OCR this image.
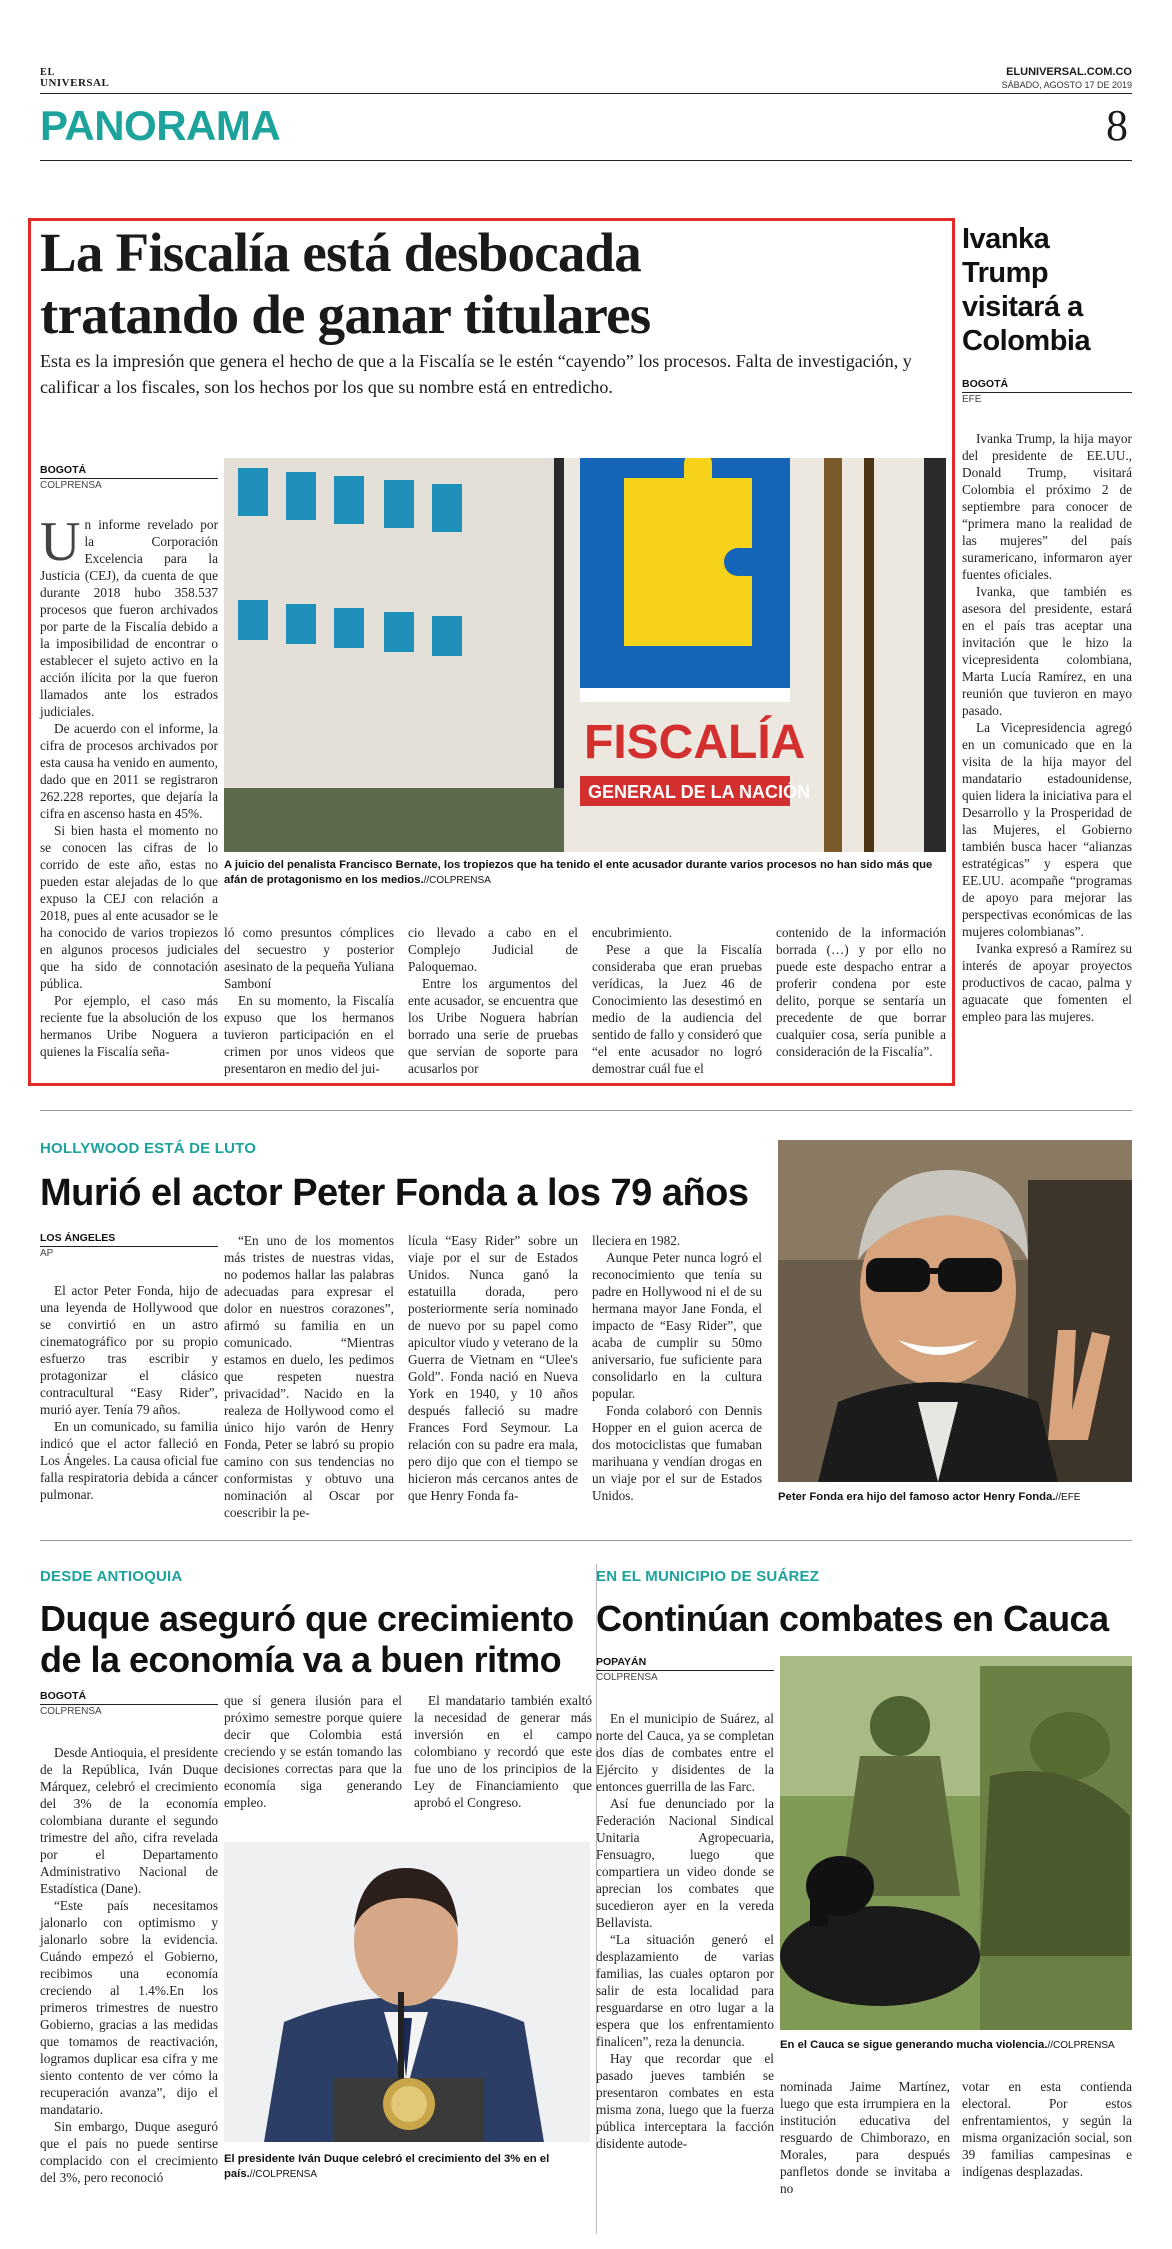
EL
UNIVERSAL
ELUNIVERSAL.COM.CO
SÁBADO, AGOSTO 17 DE 2019
PANORAMA	8
La Fiscalía está desbocada tratando de ganar titulares
Esta es la impresión que genera el hecho de que a la Fiscalía se le estén “cayendo” los procesos. Falta de investigación, y calificar a los fiscales, son los hechos por los que su nombre está en entredicho.
BOGOTÁ
COLPRENSA
U n informe revelado por la Corporación Excelencia para la Justicia (CEJ), da cuenta de que durante 2018 hubo 358.537 procesos que fueron archivados por parte de la Fiscalía debido a la imposibilidad de encontrar o establecer el sujeto activo en la acción ilícita por la que fueron llamados ante los estrados judiciales.

De acuerdo con el informe, la cifra de procesos archivados por esta causa ha venido en aumento, dado que en 2011 se registraron 262.228 reportes, que dejaría la cifra en ascenso hasta en 45%.

Si bien hasta el momento no se conocen las cifras de lo corrido de este año, estas no pueden estar alejadas de lo que expuso la CEJ con relación a 2018, pues al ente acusador se le ha conocido de varios tropiezos en algunos procesos judiciales que ha sido de connotación pública.

Por ejemplo, el caso más reciente fue la absolución de los hermanos Uribe Noguera a quienes la Fiscalía seña-

FISCALÍA
GENERAL DE LA NACIÓN
A juicio del penalista Francisco Bernate, los tropiezos que ha tenido el ente acusador durante varios procesos no han sido más que afán de protagonismo en los medios.//COLPRENSA

ló como presuntos cómplices del secuestro y posterior asesinato de la pequeña Yuliana Samboní

En su momento, la Fiscalía expuso que los hermanos tuvieron participación en el crimen por unos videos que presentaron en medio del jui-

cio llevado a cabo en el Complejo Judicial de Paloquemao.

Entre los argumentos del ente acusador, se encuentra que los Uribe Noguera habrían borrado una serie de pruebas que servían de soporte para acusarlos por

encubrimiento.

Pese a que la Fiscalía consideraba que eran pruebas verídicas, la Juez 46 de Conocimiento las desestimó en medio de la audiencia del sentido de fallo y consideró que “el ente acusador no logró demostrar cuál fue el

contenido de la información borrada (…) y por ello no puede este despacho entrar a proferir condena por este delito, porque se sentaría un precedente de que borrar cualquier cosa, sería punible a consideración de la Fiscalía”.

Ivanka Trump visitará a Colombia
BOGOTÁ
EFE

Ivanka Trump, la hija mayor del presidente de EE.UU., Donald Trump, visitará Colombia el próximo 2 de septiembre para conocer de “primera mano la realidad de las mujeres” del país suramericano, informaron ayer fuentes oficiales.

Ivanka, que también es asesora del presidente, estará en el país tras aceptar una invitación que le hizo la vicepresidenta colombiana, Marta Lucía Ramírez, en una reunión que tuvieron en mayo pasado.

La Vicepresidencia agregó en un comunicado que en la visita de la hija mayor del mandatario estadounidense, quien lidera la iniciativa para el Desarrollo y la Prosperidad de las Mujeres, el Gobierno también busca hacer “alianzas estratégicas” y espera que EE.UU. acompañe “programas de apoyo para mejorar las perspectivas económicas de las mujeres colombianas”.

Ivanka expresó a Ramírez su interés de apoyar proyectos productivos de cacao, palma y aguacate que fomenten el empleo para las mujeres.

HOLLYWOOD ESTÁ DE LUTO
Murió el actor Peter Fonda a los 79 años
LOS ÁNGELES
AP

El actor Peter Fonda, hijo de una leyenda de Hollywood que se convirtió en un astro cinematográfico por su propio esfuerzo tras escribir y protagonizar el clásico contracultural “Easy Rider”, murió ayer. Tenía 79 años.

En un comunicado, su familia indicó que el actor falleció en Los Ángeles. La causa oficial fue falla respiratoria debida a cáncer pulmonar.

“En uno de los momentos más tristes de nuestras vidas, no podemos hallar las palabras adecuadas para expresar el dolor en nuestros corazones”, afirmó su familia en un comunicado. “Mientras estamos en duelo, les pedimos que respeten nuestra privacidad”. Nacido en la realeza de Hollywood como el único hijo varón de Henry Fonda, Peter se labró su propio camino con sus tendencias no conformistas y obtuvo una nominación al Oscar por coescribir la pe-

lícula “Easy Rider” sobre un viaje por el sur de Estados Unidos. Nunca ganó la estatuilla dorada, pero posteriormente sería nominado de nuevo por su papel como apicultor viudo y veterano de la Guerra de Vietnam en “Ulee's Gold”. Fonda nació en Nueva York en 1940, y 10 años después falleció su madre Frances Ford Seymour. La relación con su padre era mala, pero dijo que con el tiempo se hicieron más cercanos antes de que Henry Fonda fa-

lleciera en 1982.

Aunque Peter nunca logró el reconocimiento que tenía su padre en Hollywood ni el de su hermana mayor Jane Fonda, el impacto de “Easy Rider”, que acaba de cumplir su 50mo aniversario, fue suficiente para consolidarlo en la cultura popular.

Fonda colaboró con Dennis Hopper en el guion acerca de dos motociclistas que fumaban marihuana y vendían drogas en un viaje por el sur de Estados Unidos.	Peter Fonda era hijo del famoso actor Henry Fonda.//EFE
DESDE ANTIOQUIA
Duque aseguró que crecimiento de la economía va a buen ritmo
BOGOTÁ
COLPRENSA

Desde Antioquia, el presidente de la República, Iván Duque Márquez, celebró el crecimiento del 3% de la economía colombiana durante el segundo trimestre del año, cifra revelada por el Departamento Administrativo Nacional de Estadística (Dane).

“Este país necesitamos jalonarlo con optimismo y jalonarlo sobre la evidencia. Cuándo empezó el Gobierno, recibimos una economía creciendo al 1.4%.En los primeros trimestres de nuestro Gobierno, gracias a las medidas que tomamos de reactivación, logramos duplicar esa cifra y me siento contento de ver cómo la recuperación avanza”, dijo el mandatario.

Sin embargo, Duque aseguró que el país no puede sentirse complacido con el crecimiento del 3%, pero reconoció

que sí genera ilusión para el próximo semestre porque quiere decir que Colombia está creciendo y se están tomando las decisiones correctas para que la economía siga generando empleo.

El mandatario también exaltó la necesidad de generar más inversión en el campo colombiano y recordó que este fue uno de los principios de la Ley de Financiamiento que aprobó el Congreso.

El presidente Iván Duque celebró el crecimiento del 3% en el país.//COLPRENSA
EN EL MUNICIPIO DE SUÁREZ
Continúan combates en Cauca
POPAYÁN
COLPRENSA

En el municipio de Suárez, al norte del Cauca, ya se completan dos días de combates entre el Ejército y disidentes de la entonces guerrilla de las Farc.

Así fue denunciado por la Federación Nacional Sindical Unitaria Agropecuaria, Fensuagro, luego que compartiera un video donde se aprecian los combates que sucedieron ayer en la vereda Bellavista.

“La situación generó el desplazamiento de varias familias, las cuales optaron por salir de esta localidad para resguardarse en otro lugar a la espera que los enfrentamiento finalicen”, reza la denuncia.

Hay que recordar que el pasado jueves también se presentaron combates en esta misma zona, luego que la fuerza pública interceptara la facción disidente autode-

En el Cauca se sigue generando mucha violencia.//COLPRENSA

nominada Jaime Martínez, luego que esta irrumpiera en la institución educativa del resguardo de Chimborazo, en Morales, para después panfletos donde se invitaba a no

votar en esta contienda electoral. Por estos enfrentamientos, y según la misma organización social, son 39 familias campesinas e indígenas desplazadas.
